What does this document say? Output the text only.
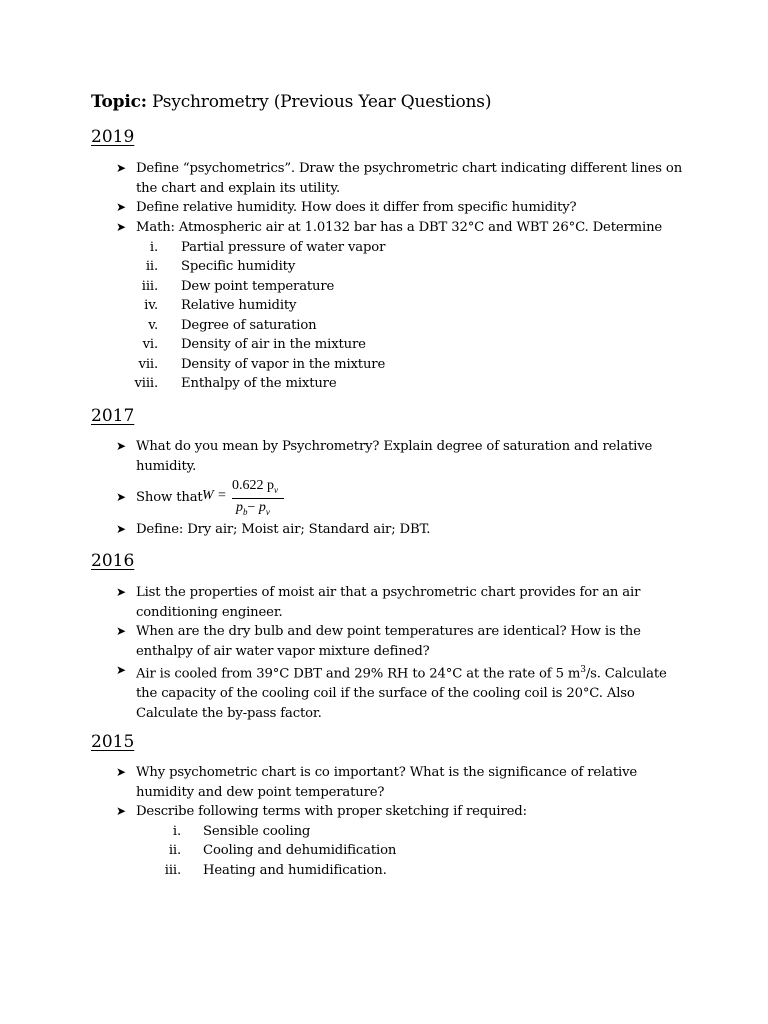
Topic: Psychrometry (Previous Year Questions)
2019
➤ Define “psychometrics”. Draw the psychrometric chart indicating different lines on the chart and explain its utility.
➤ Define relative humidity. How does it differ from specific humidity?
➤ Math: Atmospheric air at 1.0132 bar has a DBT 32°C and WBT 26°C. Determine
i. Partial pressure of water vapor
ii. Specific humidity
iii. Dew point temperature
iv. Relative humidity
v. Degree of saturation
vi. Density of air in the mixture
vii. Density of vapor in the mixture
viii. Enthalpy of the mixture
2017
➤ What do you mean by Psychrometry? Explain degree of saturation and relative humidity.
➤ Show that W =
0.622 $p_v$
$p_b- p_v$
➤ Define: Dry air; Moist air; Standard air; DBT.
2016
➤ List the properties of moist air that a psychrometric chart provides for an air conditioning engineer.
➤ When are the dry bulb and dew point temperatures are identical? How is the enthalpy of air water vapor mixture defined?
➤ Air is cooled from 39°C DBT and 29% RH to 24°C at the rate of 5 $m^3/s$. Calculate the capacity of the cooling coil if the surface of the cooling coil is 20°C. Also Calculate the by-pass factor.
2015
➤ Why psychometric chart is co important? What is the significance of relative humidity and dew point temperature?
➤ Describe following terms with proper sketching if required:
i. Sensible cooling
ii. Cooling and dehumidification
iii. Heating and humidification.
